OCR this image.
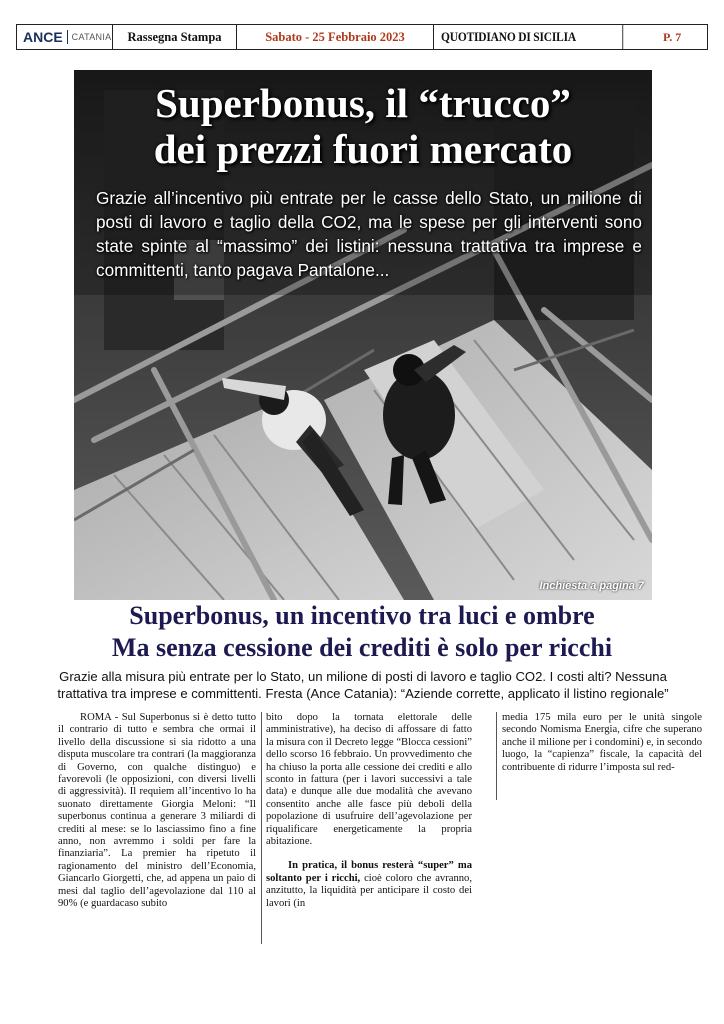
ANCE CATANIA	Rassegna Stampa	Sabato - 25 Febbraio 2023	QUOTIDIANO DI SICILIA	P. 7
Superbonus, il “trucco”
dei prezzi fuori mercato
Grazie all’incentivo più entrate per le casse dello Stato, un milione di posti di lavoro e taglio della CO2, ma le spese per gli interventi sono state spinte al “massimo” dei listini: nessuna trattativa tra imprese e committenti, tanto pagava Pantalone...
Inchiesta a pagina 7
Superbonus, un incentivo tra luci e ombre
Ma senza cessione dei crediti è solo per ricchi
Grazie alla misura più entrate per lo Stato, un milione di posti di lavoro e taglio CO2. I costi alti? Nessuna
trattativa tra imprese e committenti. Fresta (Ance Catania): “Aziende corrette, applicato il listino regionale”

ROMA - Sul Superbonus si è detto tutto il contrario di tutto e sembra che ormai il livello della discussione si sia ridotto a una disputa muscolare tra contrari (la maggioranza di Governo, con qualche distinguo) e favorevoli (le opposizioni, con diversi livelli di aggressività). Il requiem all’incentivo lo ha suonato direttamente Giorgia Meloni: “Il superbonus continua a generare 3 miliardi di crediti al mese: se lo lasciassimo fino a fine anno, non avremmo i soldi per fare la finanziaria”. La premier ha ripetuto il ragionamento del ministro dell’Economia, Giancarlo Giorgetti, che, ad appena un paio di mesi dal taglio dell’agevolazione dal 110 al 90% (e guardacaso subito

bito dopo la tornata elettorale delle amministrative), ha deciso di affossare di fatto la misura con il Decreto legge “Blocca cessioni” dello scorso 16 febbraio. Un provvedimento che ha chiuso la porta alle cessione dei crediti e allo sconto in fattura (per i lavori successivi a tale data) e dunque alle due modalità che avevano consentito anche alle fasce più deboli della popolazione di usufruire dell’agevolazione per riqualificare energeticamente la propria abitazione.

In pratica, il bonus resterà “super” ma soltanto per i ricchi, cioè coloro che avranno, anzitutto, la liquidità per anticipare il costo dei lavori (in

media 175 mila euro per le unità singole secondo Nomisma Energia, cifre che superano anche il milione per i condomini) e, in secondo luogo, la “capienza” fiscale, la capacità del contribuente di ridurre l’imposta sul red-
